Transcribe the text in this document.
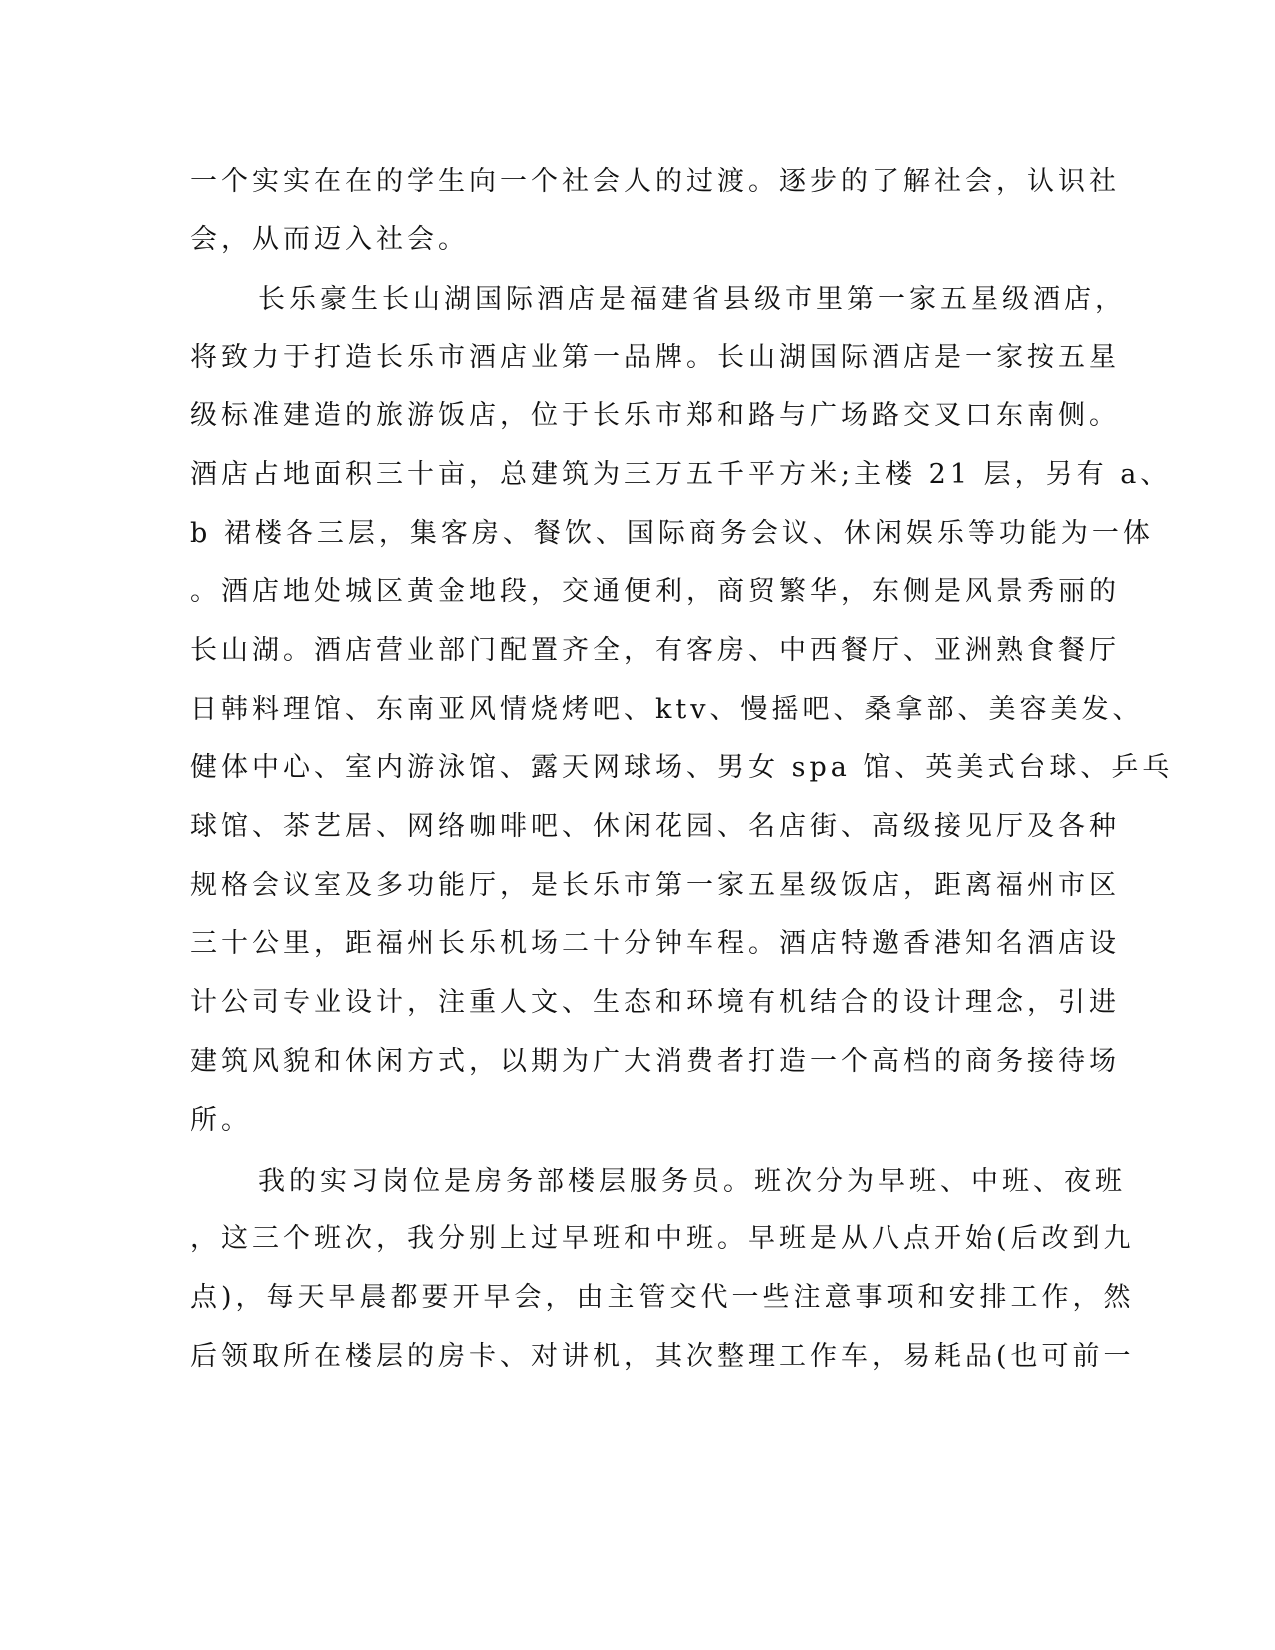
一个实实在在的学生向一个社会人的过渡。逐步的了解社会，认识社
会，从而迈入社会。
长乐豪生长山湖国际酒店是福建省县级市里第一家五星级酒店，
将致力于打造长乐市酒店业第一品牌。长山湖国际酒店是一家按五星
级标准建造的旅游饭店，位于长乐市郑和路与广场路交叉口东南侧。
酒店占地面积三十亩，总建筑为三万五千平方米;主楼 21 层，另有 a、
b 裙楼各三层，集客房、餐饮、国际商务会议、休闲娱乐等功能为一体
。酒店地处城区黄金地段，交通便利，商贸繁华，东侧是风景秀丽的
长山湖。酒店营业部门配置齐全，有客房、中西餐厅、亚洲熟食餐厅
日韩料理馆、东南亚风情烧烤吧、ktv、慢摇吧、桑拿部、美容美发、
健体中心、室内游泳馆、露天网球场、男女 spa 馆、英美式台球、乒乓
球馆、茶艺居、网络咖啡吧、休闲花园、名店街、高级接见厅及各种
规格会议室及多功能厅，是长乐市第一家五星级饭店，距离福州市区
三十公里，距福州长乐机场二十分钟车程。酒店特邀香港知名酒店设
计公司专业设计，注重人文、生态和环境有机结合的设计理念，引进
建筑风貌和休闲方式，以期为广大消费者打造一个高档的商务接待场
所。
我的实习岗位是房务部楼层服务员。班次分为早班、中班、夜班
，这三个班次，我分别上过早班和中班。早班是从八点开始(后改到九
点)，每天早晨都要开早会，由主管交代一些注意事项和安排工作，然
后领取所在楼层的房卡、对讲机，其次整理工作车，易耗品(也可前一
